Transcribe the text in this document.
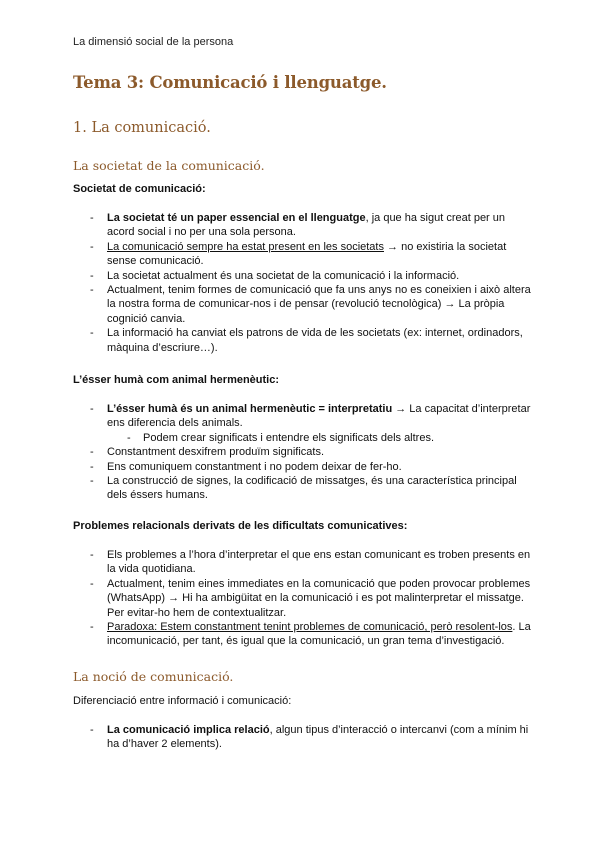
La dimensió social de la persona
Tema 3: Comunicació i llenguatge.
1. La comunicació.
La societat de la comunicació.
Societat de comunicació:
- La societat té un paper essencial en el llenguatge, ja que ha sigut creat per un acord social i no per una sola persona.
- La comunicació sempre ha estat present en les societats → no existiria la societat sense comunicació.
- La societat actualment és una societat de la comunicació i la informació.
- Actualment, tenim formes de comunicació que fa uns anys no es coneixien i això altera la nostra forma de comunicar-nos i de pensar (revolució tecnològica) → La pròpia cognició canvia.
- La informació ha canviat els patrons de vida de les societats (ex: internet, ordinadors, màquina d’escriure…).
L’ésser humà com animal hermenèutic:
- L’ésser humà és un animal hermenèutic = interpretatiu → La capacitat d’interpretar ens diferencia dels animals.
- Podem crear significats i entendre els significats dels altres.
- Constantment desxifrem produïm significats.
- Ens comuniquem constantment i no podem deixar de fer-ho.
- La construcció de signes, la codificació de missatges, és una característica principal dels éssers humans.
Problemes relacionals derivats de les dificultats comunicatives:
- Els problemes a l’hora d’interpretar el que ens estan comunicant es troben presents en la vida quotidiana.
- Actualment, tenim eines immediates en la comunicació que poden provocar problemes (WhatsApp) → Hi ha ambigüitat en la comunicació i es pot malinterpretar el missatge. Per evitar-ho hem de contextualitzar.
- Paradoxa: Estem constantment tenint problemes de comunicació, però resolent-los. La incomunicació, per tant, és igual que la comunicació, un gran tema d’investigació.
La noció de comunicació.
Diferenciació entre informació i comunicació:
- La comunicació implica relació, algun tipus d’interacció o intercanvi (com a mínim hi ha d’haver 2 elements).
